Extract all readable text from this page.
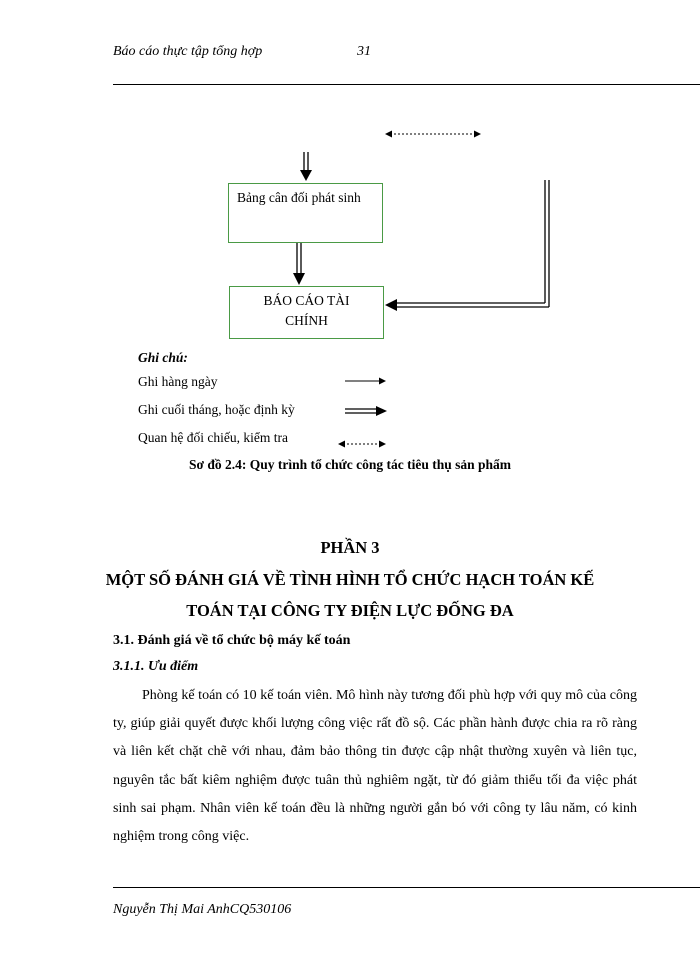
Báo cáo thực tập tổng hợp	31
Bảng cân đối phát sinh
BÁO CÁO TÀI
CHÍNH
Ghi chú:
Ghi hàng ngày
Ghi cuối tháng, hoặc định kỳ
Quan hệ đối chiếu, kiểm tra
Sơ đồ 2.4: Quy trình tổ chức công tác tiêu thụ sản phẩm
PHẦN 3
MỘT SỐ ĐÁNH GIÁ VỀ TÌNH HÌNH TỔ CHỨC HẠCH TOÁN KẾ
TOÁN TẠI CÔNG TY ĐIỆN LỰC ĐỐNG ĐA
3.1. Đánh giá về tổ chức bộ máy kế toán
3.1.1. Ưu điểm
Phòng kế toán có 10 kế toán viên. Mô hình này tương đối phù hợp với quy mô của công ty, giúp giải quyết được khối lượng công việc rất đồ sộ. Các phần hành được chia ra rõ ràng và liên kết chặt chẽ với nhau, đảm bảo thông tin được cập nhật thường xuyên và liên tục, nguyên tắc bất kiêm nghiệm được tuân thủ nghiêm ngặt, từ đó giảm thiểu tối đa việc phát sinh sai phạm. Nhân viên kế toán đều là những người gắn bó với công ty lâu năm, có kinh nghiệm trong công việc.
Nguyễn Thị Mai AnhCQ530106
